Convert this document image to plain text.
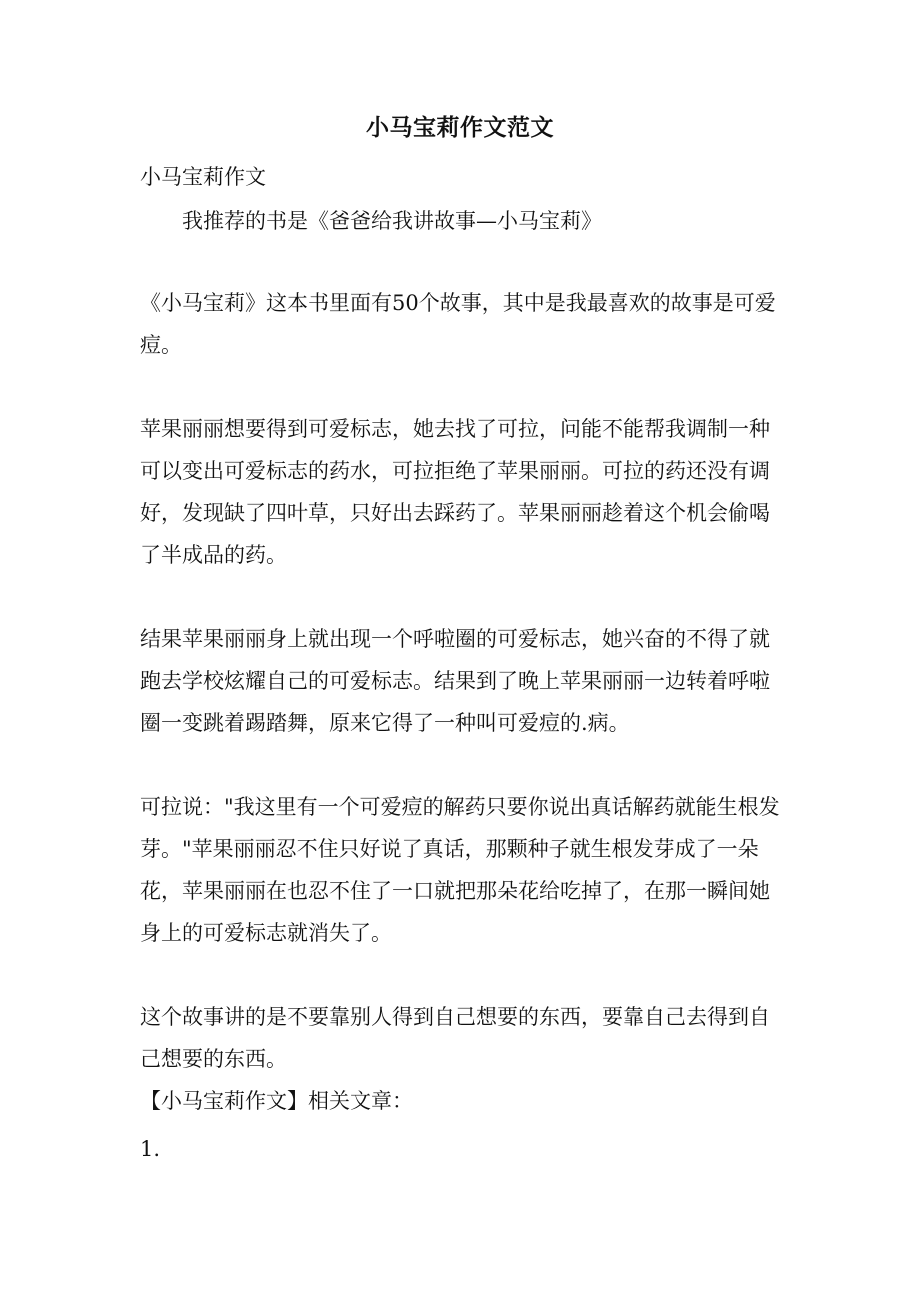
小马宝莉作文范文

小马宝莉作文

我推荐的书是《爸爸给我讲故事—小马宝莉》

《小马宝莉》这本书里面有50个故事，其中是我最喜欢的故事是可爱痘。

苹果丽丽想要得到可爱标志，她去找了可拉，问能不能帮我调制一种可以变出可爱标志的药水，可拉拒绝了苹果丽丽。可拉的药还没有调好，发现缺了四叶草，只好出去踩药了。苹果丽丽趁着这个机会偷喝了半成品的药。

结果苹果丽丽身上就出现一个呼啦圈的可爱标志，她兴奋的不得了就跑去学校炫耀自己的可爱标志。结果到了晚上苹果丽丽一边转着呼啦圈一变跳着踢踏舞，原来它得了一种叫可爱痘的.病。

可拉说："我这里有一个可爱痘的解药只要你说出真话解药就能生根发芽。"苹果丽丽忍不住只好说了真话，那颗种子就生根发芽成了一朵花，苹果丽丽在也忍不住了一口就把那朵花给吃掉了，在那一瞬间她身上的可爱标志就消失了。

这个故事讲的是不要靠别人得到自己想要的东西，要靠自己去得到自己想要的东西。

【小马宝莉作文】相关文章：

1.
